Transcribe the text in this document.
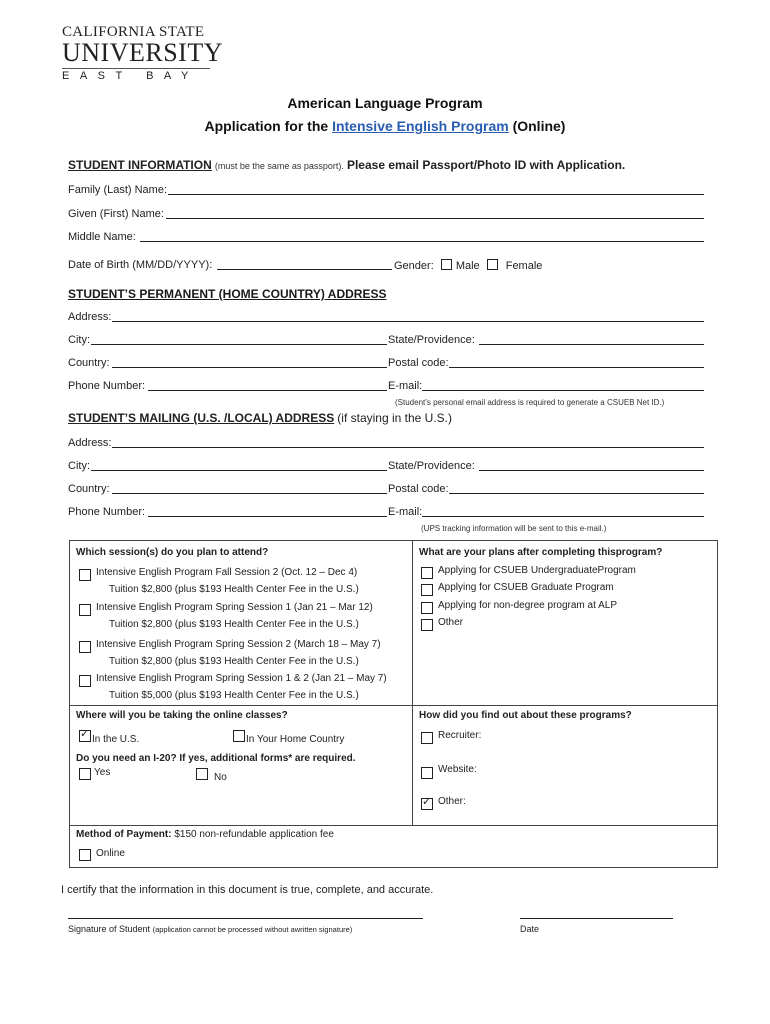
CALIFORNIA STATE
UNIVERSITY
EAST BAY
American Language Program
Application for the Intensive English Program (Online)
STUDENT INFORMATION (must be the same as passport). Please email Passport/Photo ID with Application.
Family (Last) Name:
Given (First) Name:
Middle Name:
Date of Birth (MM/DD/YYYY):	Gender: Male Female
STUDENT’S PERMANENT (HOME COUNTRY) ADDRESS
Address:
City:	State/Providence:
Country:	Postal code:
Phone Number:	E-mail:
(Student’s personal email address is required to generate a CSUEB Net ID.)
STUDENT’S MAILING (U.S. /LOCAL) ADDRESS (if staying in the U.S.)
Address:
City:	State/Providence:
Country:	Postal code:
Phone Number:	E-mail:
(UPS tracking information will be sent to this e-mail.)
Which session(s) do you plan to attend?
Intensive English Program Fall Session 2 (Oct. 12 – Dec 4)
Tuition $2,800 (plus $193 Health Center Fee in the U.S.)
Intensive English Program Spring Session 1 (Jan 21 – Mar 12)
Tuition $2,800 (plus $193 Health Center Fee in the U.S.)
Intensive English Program Spring Session 2 (March 18 – May 7)
Tuition $2,800 (plus $193 Health Center Fee in the U.S.)
Intensive English Program Spring Session 1 & 2 (Jan 21 – May 7)
Tuition $5,000 (plus $193 Health Center Fee in the U.S.)
What are your plans after completing thisprogram?
Applying for CSUEB UndergraduateProgram
Applying for CSUEB Graduate Program
Applying for non-degree program at ALP
Other
Where will you be taking the online classes?
✓
In the U.S.	In Your Home Country
Do you need an I-20? If yes, additional forms* are required.
Yes	No
How did you find out about these programs?
Recruiter:
Website:
✓
Other:
Method of Payment: $150 non-refundable application fee
Online
I certify that the information in this document is true, complete, and accurate.
Signature of Student (application cannot be processed without awritten signature)	Date
